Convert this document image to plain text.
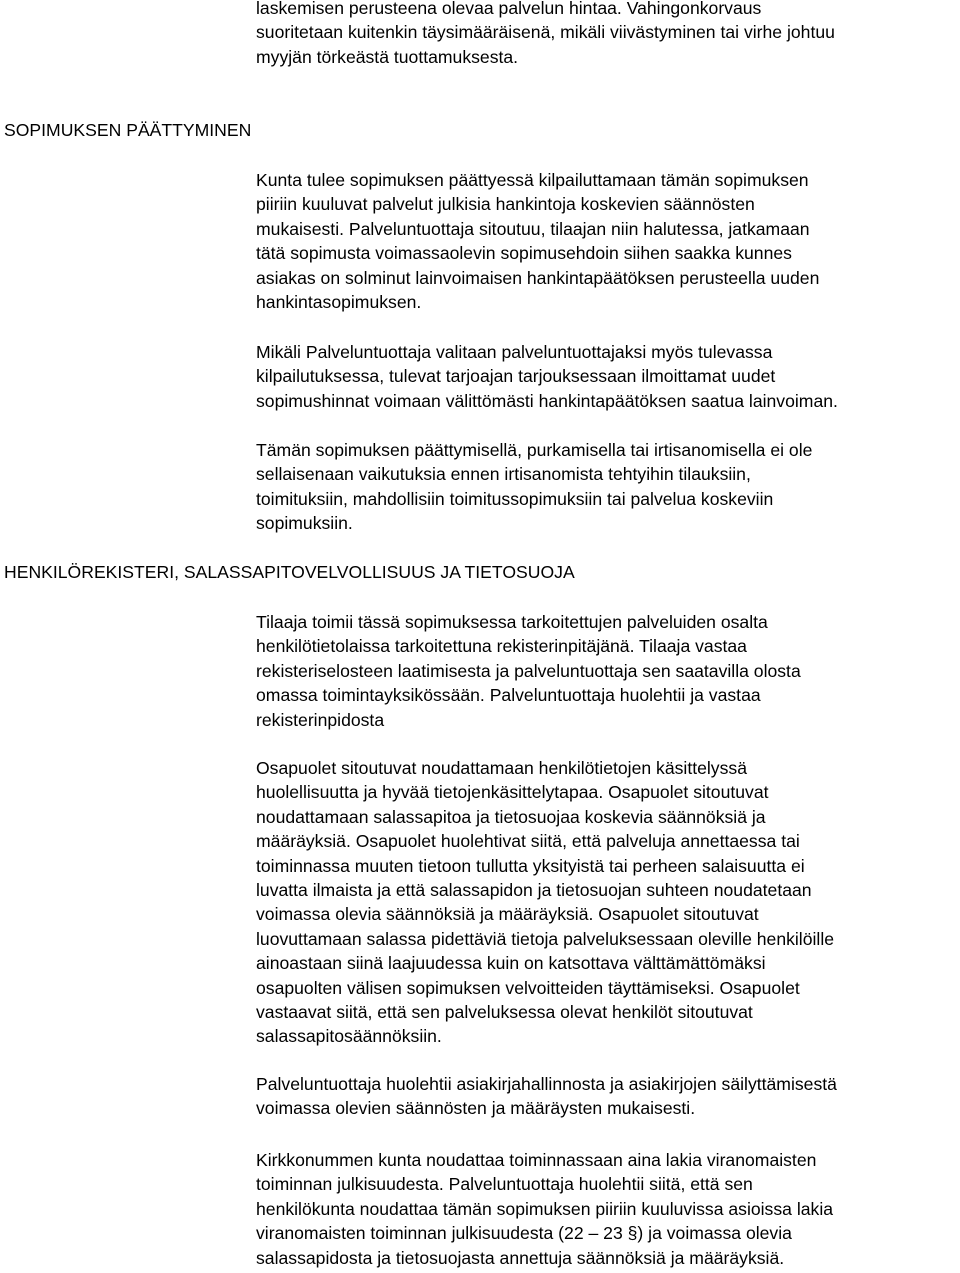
laskemisen perusteena olevaa palvelun hintaa. Vahingonkorvaus
suoritetaan kuitenkin täysimääräisenä, mikäli viivästyminen tai virhe johtuu
myyjän törkeästä tuottamuksesta.
SOPIMUKSEN PÄÄTTYMINEN
Kunta tulee sopimuksen päättyessä kilpailuttamaan tämän sopimuksen
piiriin kuuluvat palvelut julkisia hankintoja koskevien säännösten
mukaisesti. Palveluntuottaja sitoutuu, tilaajan niin halutessa, jatkamaan
tätä sopimusta voimassaolevin sopimusehdoin siihen saakka kunnes
asiakas on solminut lainvoimaisen hankintapäätöksen perusteella uuden
hankintasopimuksen.
Mikäli Palveluntuottaja valitaan palveluntuottajaksi myös tulevassa
kilpailutuksessa, tulevat tarjoajan tarjouksessaan ilmoittamat uudet
sopimushinnat voimaan välittömästi hankintapäätöksen saatua lainvoiman.
Tämän sopimuksen päättymisellä, purkamisella tai irtisanomisella ei ole
sellaisenaan vaikutuksia ennen irtisanomista tehtyihin tilauksiin,
toimituksiin, mahdollisiin toimitussopimuksiin tai palvelua koskeviin
sopimuksiin.
HENKILÖREKISTERI, SALASSAPITOVELVOLLISUUS JA TIETOSUOJA
Tilaaja toimii tässä sopimuksessa tarkoitettujen palveluiden osalta
henkilötietolaissa tarkoitettuna rekisterinpitäjänä. Tilaaja vastaa
rekisteriselosteen laatimisesta ja palveluntuottaja sen saatavilla olosta
omassa toimintayksikössään. Palveluntuottaja huolehtii ja vastaa
rekisterinpidosta
Osapuolet sitoutuvat noudattamaan henkilötietojen käsittelyssä
huolellisuutta ja hyvää tietojenkäsittelytapaa. Osapuolet sitoutuvat
noudattamaan salassapitoa ja tietosuojaa koskevia säännöksiä ja
määräyksiä. Osapuolet huolehtivat siitä, että palveluja annettaessa tai
toiminnassa muuten tietoon tullutta yksityistä tai perheen salaisuutta ei
luvatta ilmaista ja että salassapidon ja tietosuojan suhteen noudatetaan
voimassa olevia säännöksiä ja määräyksiä. Osapuolet sitoutuvat
luovuttamaan salassa pidettäviä tietoja palveluksessaan oleville henkilöille
ainoastaan siinä laajuudessa kuin on katsottava välttämättömäksi
osapuolten välisen sopimuksen velvoitteiden täyttämiseksi. Osapuolet
vastaavat siitä, että sen palveluksessa olevat henkilöt sitoutuvat
salassapitosäännöksiin.
Palveluntuottaja huolehtii asiakirjahallinnosta ja asiakirjojen säilyttämisestä
voimassa olevien säännösten ja määräysten mukaisesti.
Kirkkonummen kunta noudattaa toiminnassaan aina lakia viranomaisten
toiminnan julkisuudesta. Palveluntuottaja huolehtii siitä, että sen
henkilökunta noudattaa tämän sopimuksen piiriin kuuluvissa asioissa lakia
viranomaisten toiminnan julkisuudesta (22 – 23 §) ja voimassa olevia
salassapidosta ja tietosuojasta annettuja säännöksiä ja määräyksiä.
